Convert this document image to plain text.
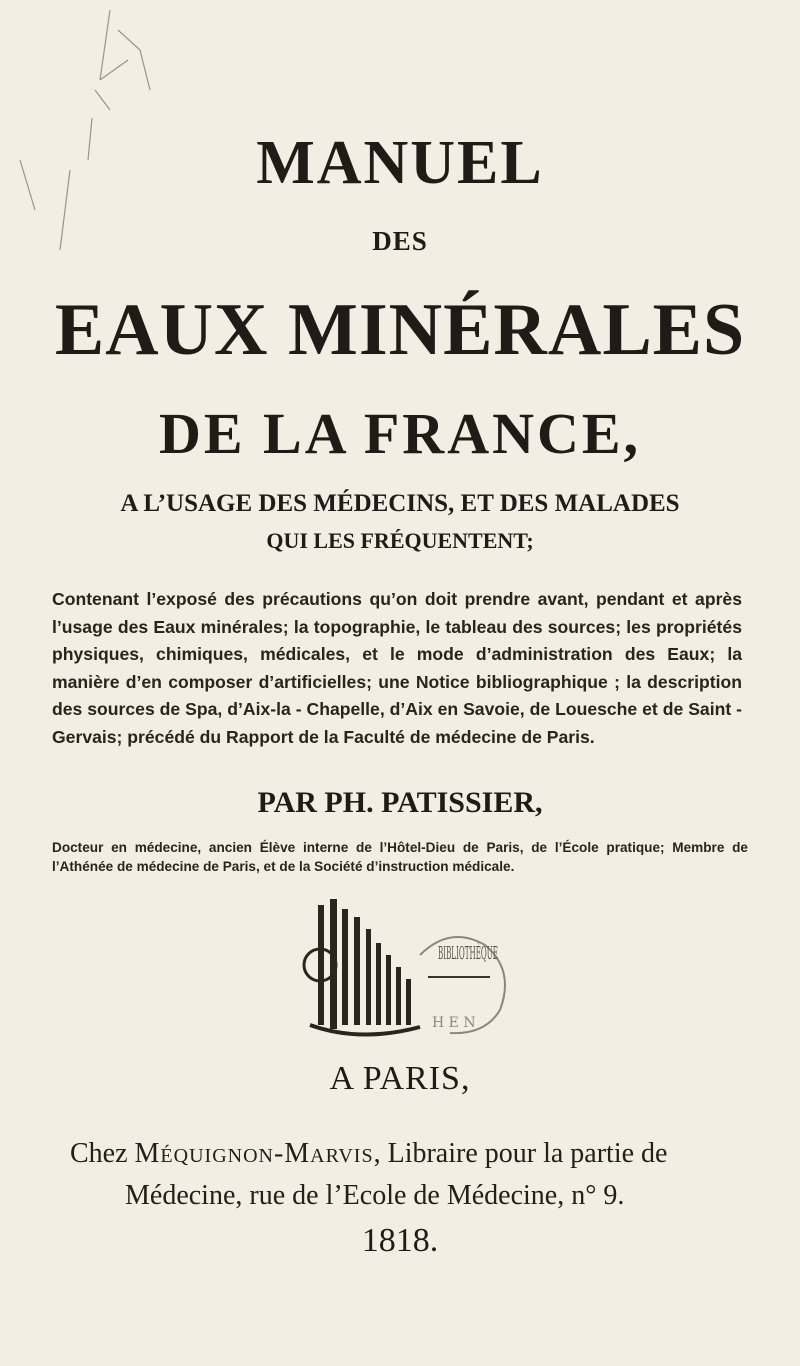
MANUEL
DES
EAUX MINÉRALES
DE LA FRANCE,
A L’USAGE DES MÉDECINS, ET DES MALADES
QUI LES FRÉQUENTENT;
Contenant l’exposé des précautions qu’on doit prendre avant, pendant et après l’usage des Eaux minérales; la topographie, le tableau des sources; les propriétés physiques, chimiques, médicales, et le mode d’administration des Eaux; la manière d’en composer d’artificielles; une Notice bibliographique ; la description des sources de Spa, d’Aix-la - Chapelle, d’Aix en Savoie, de Louesche et de Saint - Gervais; précédé du Rapport de la Faculté de médecine de Paris.
PAR PH. PATISSIER,
Docteur en médecine, ancien Élève interne de l’Hôtel-Dieu de Paris, de l’École pratique; Membre de l’Athénée de médecine de Paris, et de la Société d’instruction médicale.
BIBLIOTHÈQUE
H E N
A PARIS,
Chez Méquignon-Marvis, Libraire pour la partie de
Médecine, rue de l’Ecole de Médecine, n° 9.
1818.
